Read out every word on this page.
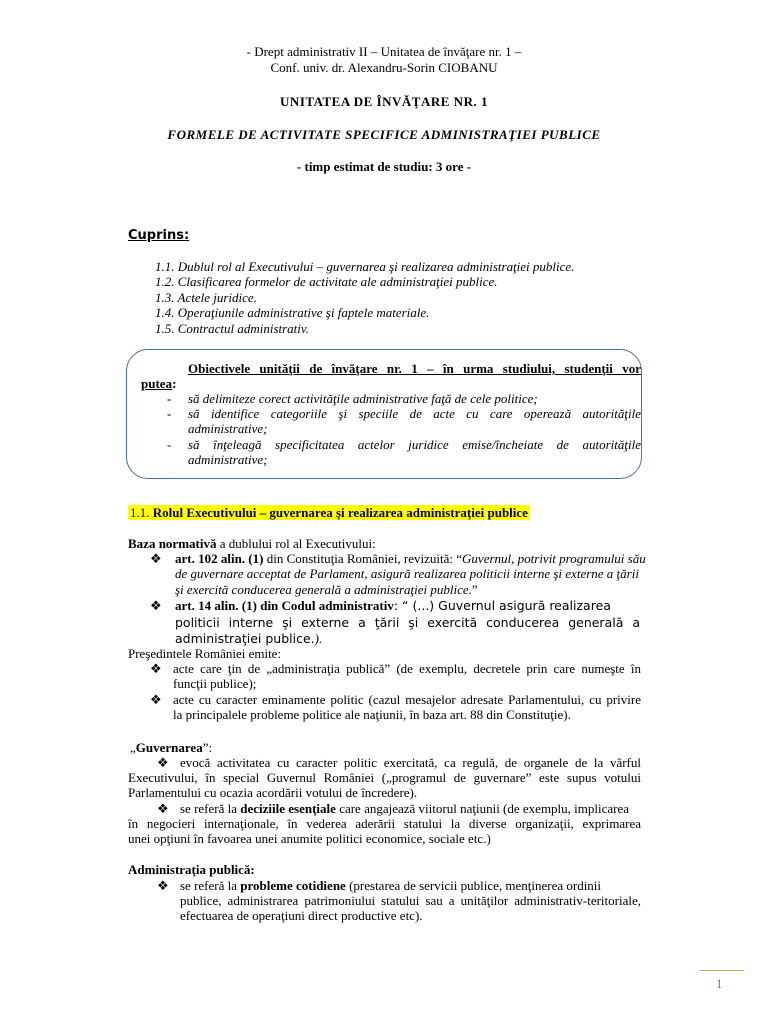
- Drept administrativ II – Unitatea de învăţare nr. 1 –
Conf. univ. dr. Alexandru-Sorin CIOBANU
UNITATEA DE ÎNVĂŢARE NR. 1
FORMELE DE ACTIVITATE SPECIFICE ADMINISTRAŢIEI PUBLICE
- timp estimat de studiu: 3 ore -
Cuprins:
1.1. Dublul rol al Executivului – guvernarea şi realizarea administraţiei publice.
1.2. Clasificarea formelor de activitate ale administraţiei publice.
1.3. Actele juridice.
1.4. Operaţiunile administrative şi faptele materiale.
1.5. Contractul administrativ.
Obiectivele unităţii de învăţare nr. 1 – în urma studiului, studenţii vor
putea:
- să delimiteze corect activităţile administrative faţă de cele politice;
- să identifice categoriile şi speciile de acte cu care operează autorităţile
administrative;
- să înţeleagă specificitatea actelor juridice emise/încheiate de autorităţile
administrative;
1.1. Rolul Executivului – guvernarea şi realizarea administraţiei publice
Baza normativă a dublului rol al Executivului:
❖ art. 102 alin. (1) din Constituţia României, revizuită: “Guvernul, potrivit programului său
de guvernare acceptat de Parlament, asigură realizarea politicii interne şi externe a ţării
şi exercită conducerea generală a administraţiei publice.”
❖ art. 14 alin. (1) din Codul administrativ: “ (...) Guvernul asigură realizarea
politicii interne şi externe a ţării şi exercită conducerea generală a
administraţiei publice.).
Preşedintele României emite:
❖ acte care ţin de „administraţia publică” (de exemplu, decretele prin care numeşte în
funcţii publice);
❖ acte cu caracter eminamente politic (cazul mesajelor adresate Parlamentului, cu privire
la principalele probleme politice ale naţiunii, în baza art. 88 din Constituţie).
„Guvernarea”:
❖ evocă activitatea cu caracter politic exercitată, ca regulă, de organele de la vârful
Executivului, în special Guvernul României („programul de guvernare” este supus votului
Parlamentului cu ocazia acordării votului de încredere).
❖ se referă la deciziile esenţiale care angajează viitorul naţiunii (de exemplu, implicarea
în negocieri internaţionale, în vederea aderării statului la diverse organizaţii, exprimarea
unei opţiuni în favoarea unei anumite politici economice, sociale etc.)
Administraţia publică:
❖ se referă la probleme cotidiene (prestarea de servicii publice, menţinerea ordinii
publice, administrarea patrimoniului statului sau a unităţilor administrativ-teritoriale,
efectuarea de operaţiuni direct productive etc).
1
